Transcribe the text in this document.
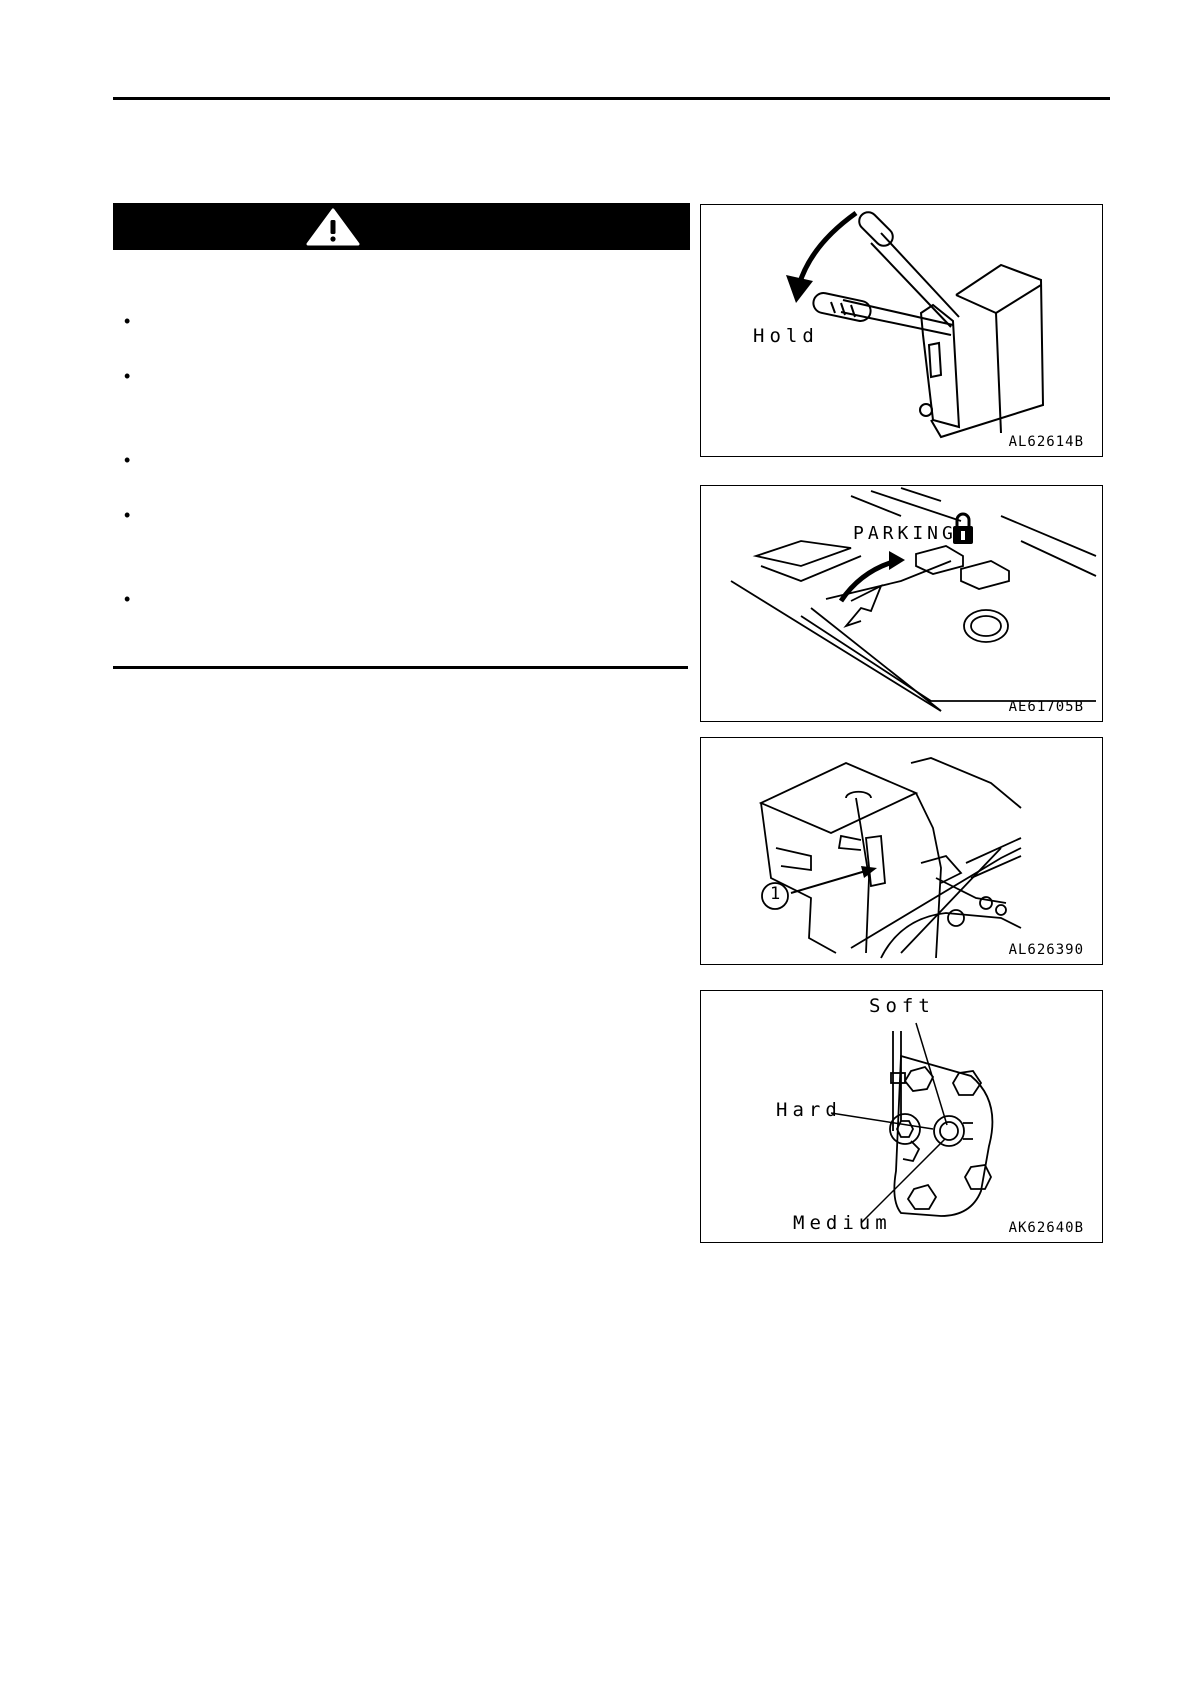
•
•
•
•
•
Hold
AL62614B
PARKING
AE61705B
1
AL626390
Soft
Hard
Medium	AK62640B
